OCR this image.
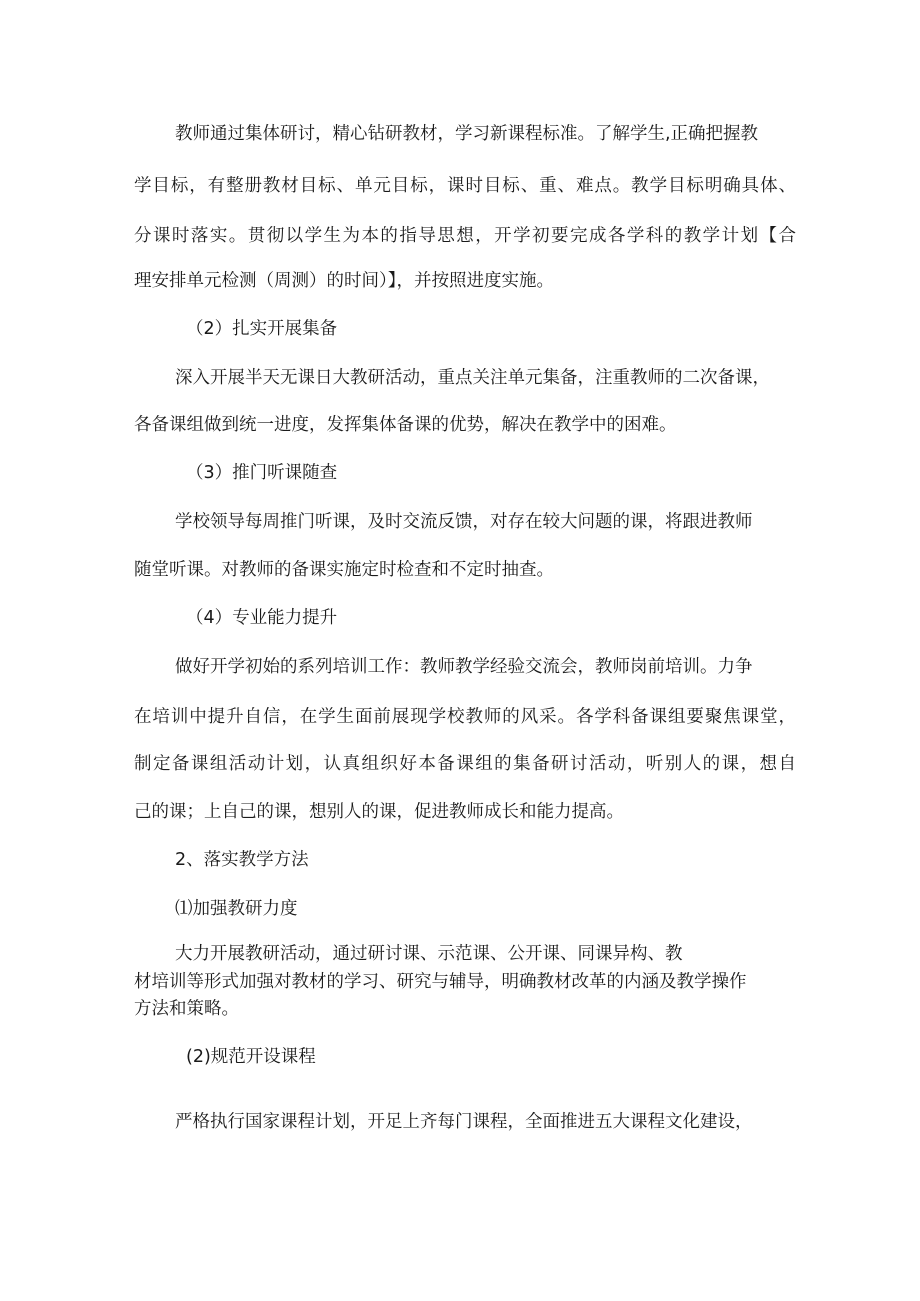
教师通过集体研讨，精心钻研教材，学习新课程标准。了解学生,正确把握教
学目标，有整册教材目标、单元目标，课时目标、重、难点。教学目标明确具体、
分课时落实。贯彻以学生为本的指导思想，开学初要完成各学科的教学计划【合
理安排单元检测（周测）的时间）】，并按照进度实施。
（2）扎实开展集备
深入开展半天无课日大教研活动，重点关注单元集备，注重教师的二次备课，
各备课组做到统一进度，发挥集体备课的优势，解决在教学中的困难。
（3）推门听课随查
学校领导每周推门听课，及时交流反馈，对存在较大问题的课，将跟进教师
随堂听课。对教师的备课实施定时检查和不定时抽查。
（4）专业能力提升
做好开学初始的系列培训工作：教师教学经验交流会，教师岗前培训。力争
在培训中提升自信，在学生面前展现学校教师的风采。各学科备课组要聚焦课堂，
制定备课组活动计划，认真组织好本备课组的集备研讨活动，听别人的课，想自
己的课；上自己的课，想别人的课，促进教师成长和能力提高。
2、落实教学方法
⑴加强教研力度
大力开展教研活动，通过研讨课、示范课、公开课、同课异构、教
材培训等形式加强对教材的学习、研究与辅导，明确教材改革的内涵及教学操作
方法和策略。
(2)规范开设课程
严格执行国家课程计划，开足上齐每门课程，全面推进五大课程文化建设，
